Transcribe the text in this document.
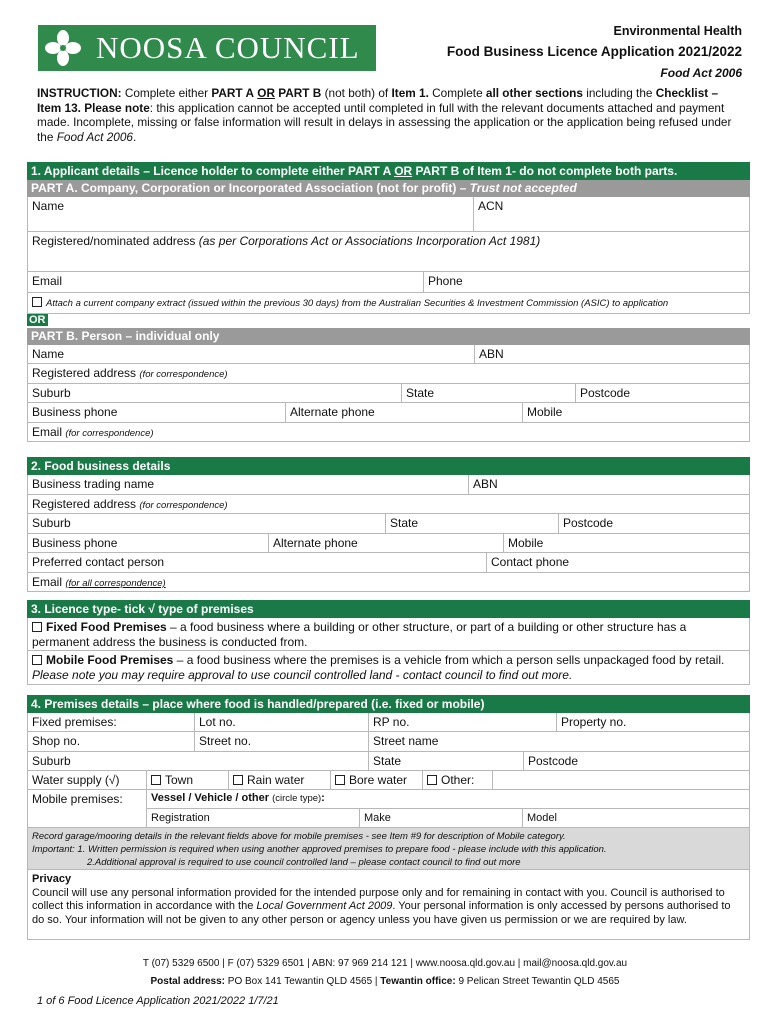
NOOSA COUNCIL	Environmental Health
Food Business Licence Application 2021/2022
Food Act 2006
INSTRUCTION: Complete either PART A OR PART B (not both) of Item 1. Complete all other sections including the Checklist – Item 13. Please note: this application cannot be accepted until completed in full with the relevant documents attached and payment made. Incomplete, missing or false information will result in delays in assessing the application or the application being refused under the Food Act 2006.
1. Applicant details – Licence holder to complete either PART A OR PART B of Item 1- do not complete both parts.
PART A. Company, Corporation or Incorporated Association (not for profit) – Trust not accepted
Name	ACN
Registered/nominated address (as per Corporations Act or Associations Incorporation Act 1981)
Email	Phone
Attach a current company extract (issued within the previous 30 days) from the Australian Securities & Investment Commission (ASIC) to application
OR
PART B. Person – individual only
Name	ABN
Registered address (for correspondence)
Suburb	State	Postcode
Business phone	Alternate phone	Mobile
Email (for correspondence)
2. Food business details
Business trading name	ABN
Registered address (for correspondence)
Suburb	State	Postcode
Business phone	Alternate phone	Mobile
Preferred contact person	Contact phone
Email (for all correspondence)
3. Licence type- tick √ type of premises
Fixed Food Premises – a food business where a building or other structure, or part of a building or other structure has a permanent address the business is conducted from.
Mobile Food Premises – a food business where the premises is a vehicle from which a person sells unpackaged food by retail. Please note you may require approval to use council controlled land - contact council to find out more.
4. Premises details – place where food is handled/prepared (i.e. fixed or mobile)
Fixed premises:	Lot no.	RP no.	Property no.
Shop no.	Street no.	Street name
Suburb	State	Postcode
Water supply (√)	Town	Rain water	Bore water	Other:
Mobile premises:	Vessel / Vehicle / other (circle type):
Registration	Make	Model
Record garage/mooring details in the relevant fields above for mobile premises - see Item #9 for description of Mobile category.
Important: 1. Written permission is required when using another approved premises to prepare food - please include with this application.
2.Additional approval is required to use council controlled land – please contact council to find out more
Privacy
Council will use any personal information provided for the intended purpose only and for remaining in contact with you. Council is authorised to collect this information in accordance with the Local Government Act 2009. Your personal information is only accessed by persons authorised to do so. Your information will not be given to any other person or agency unless you have given us permission or we are required by law.
T (07) 5329 6500 | F (07) 5329 6501 | ABN: 97 969 214 121 | www.noosa.qld.gov.au | mail@noosa.qld.gov.au
Postal address: PO Box 141 Tewantin QLD 4565 | Tewantin office: 9 Pelican Street Tewantin QLD 4565
1 of 6 Food Licence Application 2021/2022 1/7/21
